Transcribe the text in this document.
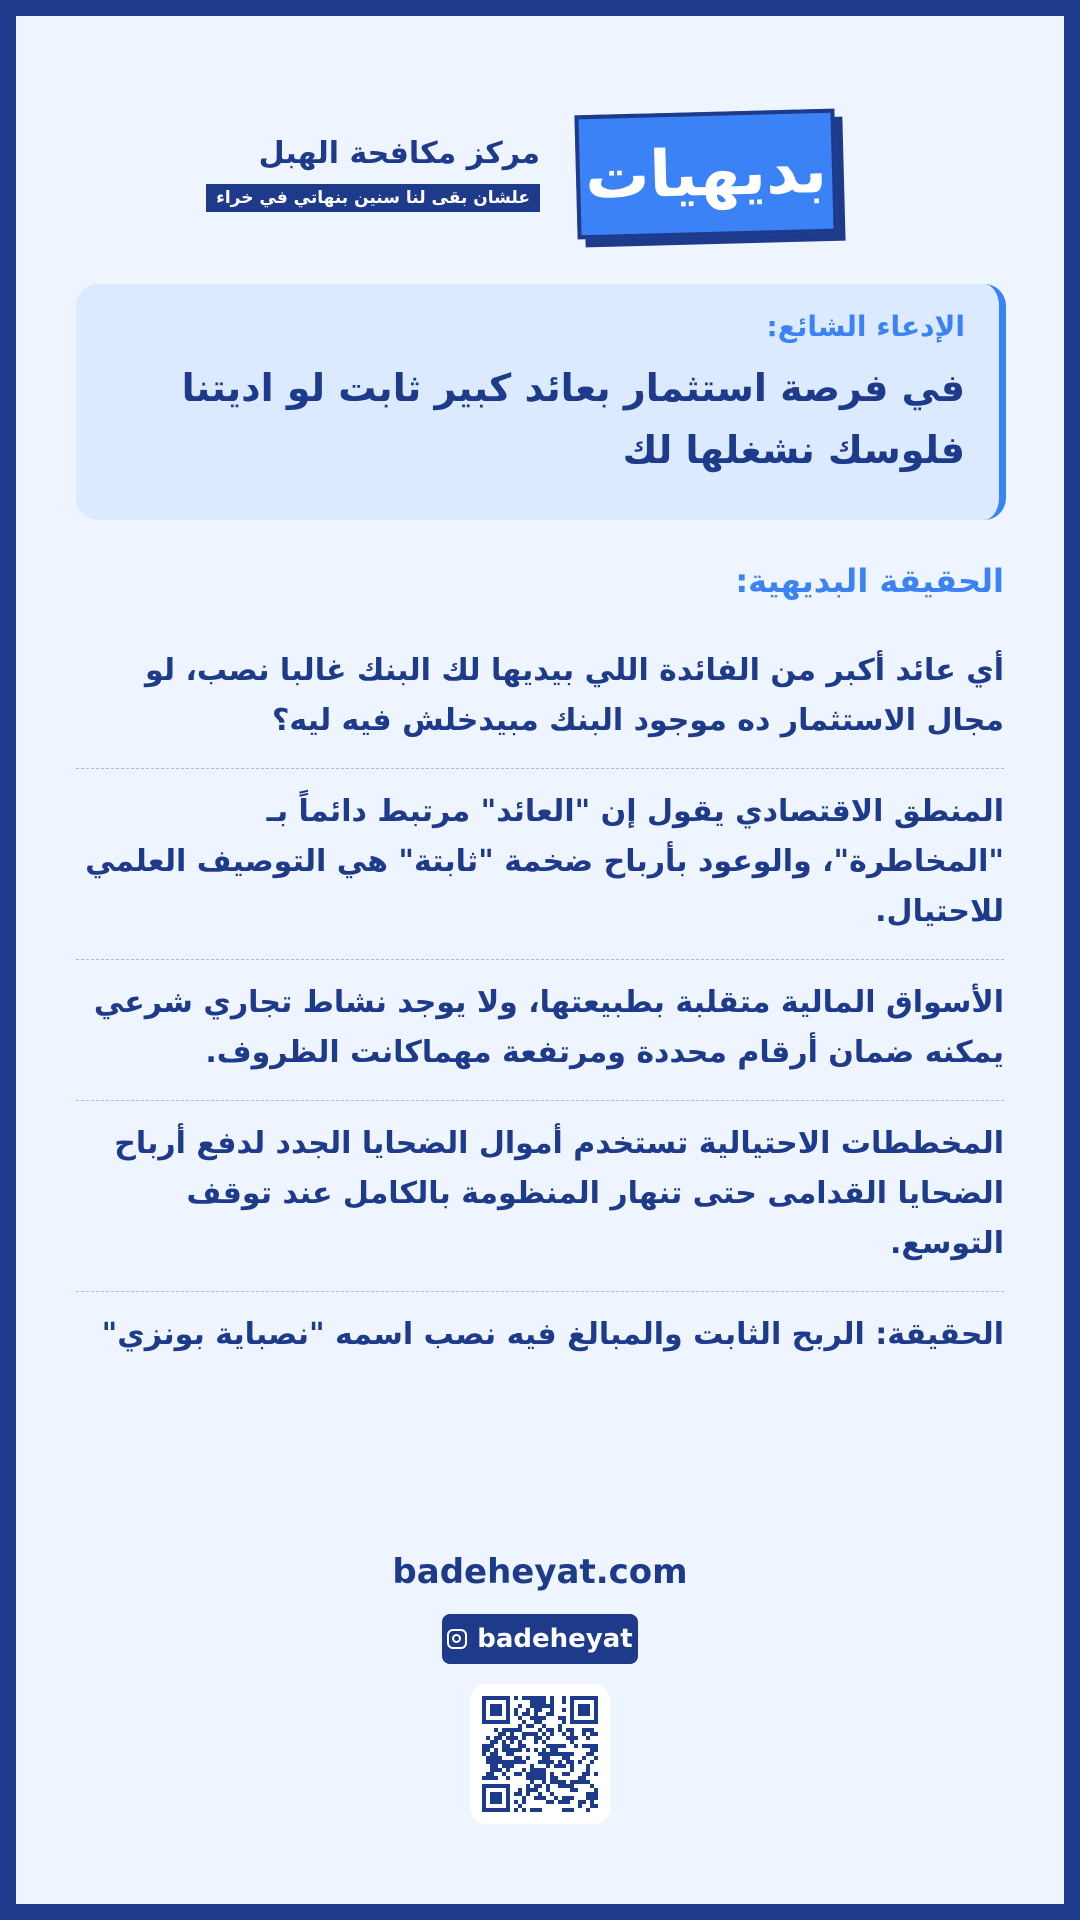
بديهيات
مركز مكافحة الهبل
علشان بقى لنا سنين بنهاتي في خراء

الإدعاء الشائع:

في فرصة استثمار بعائد كبير ثابت لو اديتنا فلوسك نشغلها لك

الحقيقة البديهية:

أي عائد أكبر من الفائدة اللي بيديها لك البنك غالبا نصب، لو مجال الاستثمار ده موجود البنك مبيدخلش فيه ليه؟

المنطق الاقتصادي يقول إن "العائد" مرتبط دائماً بـ "المخاطرة"، والوعود بأرباح ضخمة "ثابتة" هي التوصيف العلمي للاحتيال.

الأسواق المالية متقلبة بطبيعتها، ولا يوجد نشاط تجاري شرعي يمكنه ضمان أرقام محددة ومرتفعة مهماكانت الظروف.

المخططات الاحتيالية تستخدم أموال الضحايا الجدد لدفع أرباح الضحايا القدامى حتى تنهار المنظومة بالكامل عند توقف التوسع.

الحقيقة: الربح الثابت والمبالغ فيه نصب اسمه "نصباية بونزي"

badeheyat.com
badeheyat
